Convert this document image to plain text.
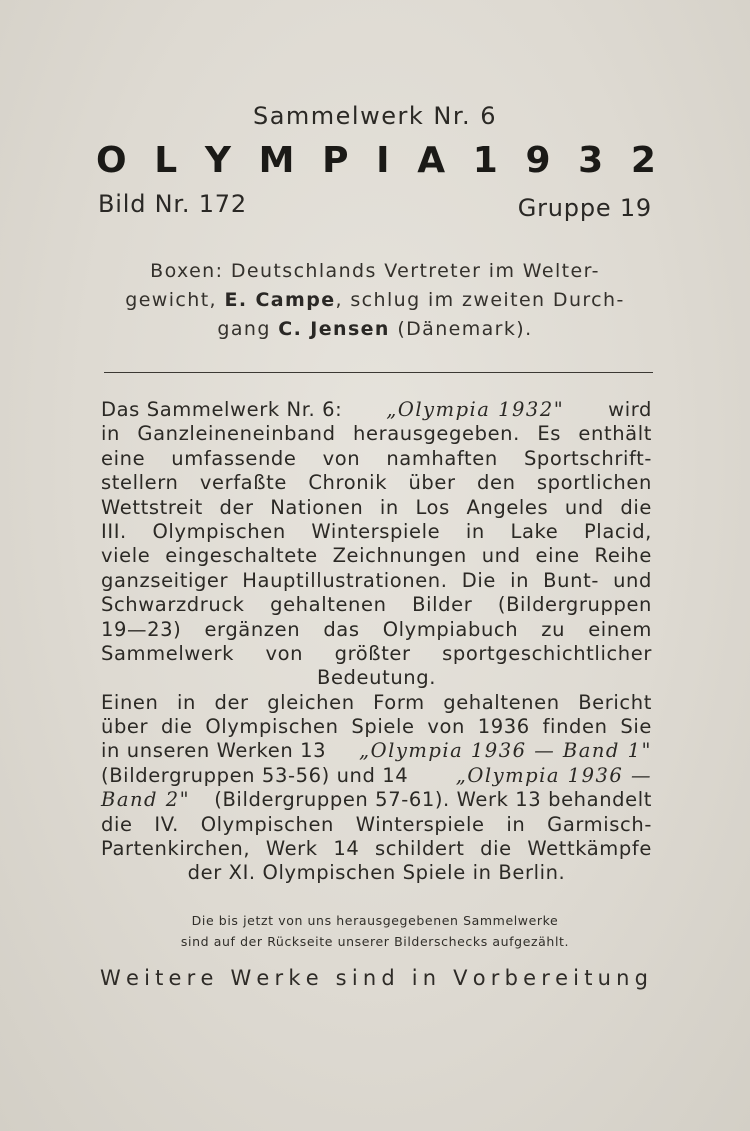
Sammelwerk Nr. 6
O L Y M P I A 1 9 3 2
Bild Nr. 172	Gruppe 19
Boxen: Deutschlands Vertreter im Welter-
gewicht, E. Campe, schlug im zweiten Durch-
gang C. Jensen (Dänemark).
Das Sammelwerk Nr. 6: „Olympia 1932" wird
in Ganzleineneinband herausgegeben. Es enthält
eine umfassende von namhaften Sportschrift-
stellern verfaßte Chronik über den sportlichen
Wettstreit der Nationen in Los Angeles und die
III. Olympischen Winterspiele in Lake Placid,
viele eingeschaltete Zeichnungen und eine Reihe
ganzseitiger Hauptillustrationen. Die in Bunt- und
Schwarzdruck gehaltenen Bilder (Bildergruppen
19—23) ergänzen das Olympiabuch zu einem
Sammelwerk von größter sportgeschichtlicher
Bedeutung.
Einen in der gleichen Form gehaltenen Bericht
über die Olympischen Spiele von 1936 finden Sie
in unseren Werken 13 „Olympia 1936 — Band 1"
(Bildergruppen 53-56) und 14 „Olympia 1936 —
Band 2" (Bildergruppen 57-61). Werk 13 behandelt
die IV. Olympischen Winterspiele in Garmisch-
Partenkirchen, Werk 14 schildert die Wettkämpfe
der XI. Olympischen Spiele in Berlin.
Die bis jetzt von uns herausgegebenen Sammelwerke
sind auf der Rückseite unserer Bilderschecks aufgezählt.
W e i t e r e
W e r k e
s i n d
i n
V o r b e r e i t u n g
